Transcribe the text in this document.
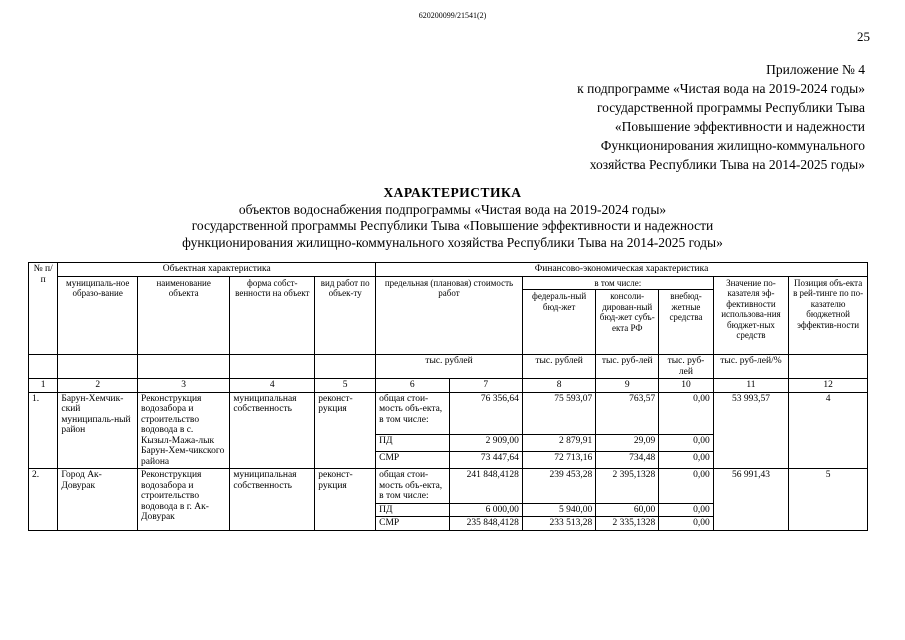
620200099/21541(2)
25
Приложение № 4
к подпрограмме «Чистая вода на 2019-2024 годы»
государственной программы Республики Тыва
«Повышение эффективности и надежности
Функционирования жилищно-коммунального
хозяйства Республики Тыва на 2014-2025 годы»
ХАРАКТЕРИСТИКА
объектов водоснабжения подпрограммы «Чистая вода на 2019-2024 годы»
государственной программы Республики Тыва «Повышение эффективности и надежности
функционирования жилищно-коммунального хозяйства Республики Тыва на 2014-2025 годы»
№ п/п	Объектная характеристика				Финансово-экономическая характеристика						
	муниципаль-ное образо-вание	наименование объекта	форма собст-венности на объект	вид работ по объек-ту	предельная (плановая) стоимость работ		в том числе:			Значение по-казателя эф-фективности использова-ния бюджет-ных средств	Позиция объ-екта в рей-тинге по по-казателю бюджетной эффектив-ности
							федераль-ный бюд-жет	консоли-дирован-ный бюд-жет субъ-екта РФ	внебюд-жетные средства		
					тыс. рублей		тыс. рублей	тыс. руб-лей	тыс. руб-лей	тыс. руб-лей/%	
1	2	3	4	5	6	7	8	9	10	11	12
1.	Барун-Хемчик-ский муниципаль-ный район	Реконструкция водозабора и строительство водовода в с. Кызыл-Мажа-лык Барун-Хем-чикского района	муниципальная собственность	реконст-рукция	общая стои-мость объ-екта, в том числе:	76 356,64	75 593,07	763,57	0,00	53 993,57	4
					ПД	2 909,00	2 879,91	29,09	0,00		
					СМР	73 447,64	72 713,16	734,48	0,00		
2.	Город Ак-Довурак	Реконструкция водозабора и строительство водовода в г. Ак-Довурак	муниципальная собственность	реконст-рукция	общая стои-мость объ-екта, в том числе:	241 848,4128	239 453,28	2 395,1328	0,00	56 991,43	5
					ПД	6 000,00	5 940,00	60,00	0,00		
					СМР	235 848,4128	233 513,28	2 335,1328	0,00		
